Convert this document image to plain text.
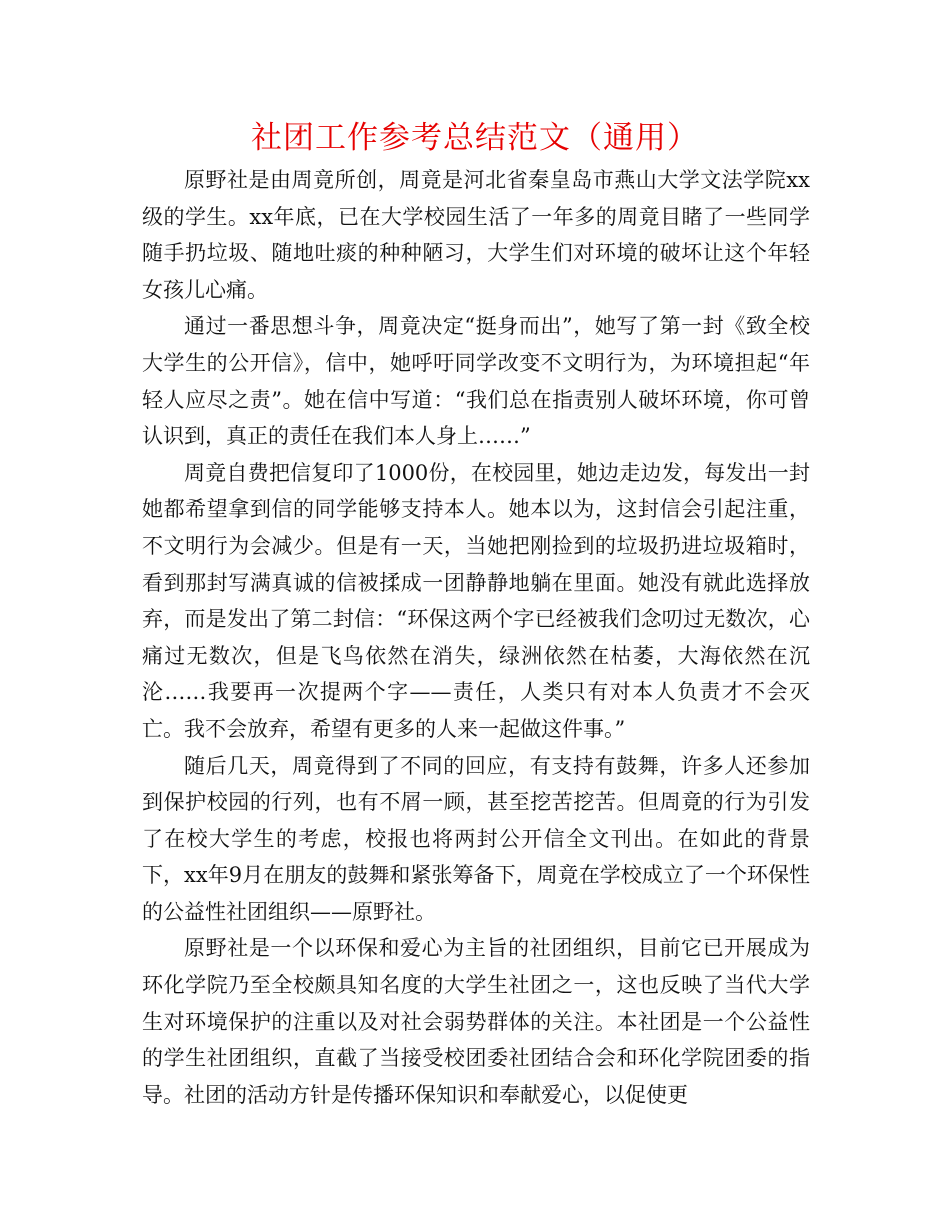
社团工作参考总结范文（通用）

原野社是由周竟所创，周竟是河北省秦皇岛市燕山大学文法学院xx级的学生。xx年底，已在大学校园生活了一年多的周竟目睹了一些同学随手扔垃圾、随地吐痰的种种陋习，大学生们对环境的破坏让这个年轻女孩儿心痛。

通过一番思想斗争，周竟决定“挺身而出”，她写了第一封《致全校大学生的公开信》，信中，她呼吁同学改变不文明行为，为环境担起“年轻人应尽之责”。她在信中写道：“我们总在指责别人破坏环境，你可曾认识到，真正的责任在我们本人身上……”

周竟自费把信复印了1000份，在校园里，她边走边发，每发出一封她都希望拿到信的同学能够支持本人。她本以为，这封信会引起注重，不文明行为会减少。但是有一天，当她把刚捡到的垃圾扔进垃圾箱时，看到那封写满真诚的信被揉成一团静静地躺在里面。她没有就此选择放弃，而是发出了第二封信：“环保这两个字已经被我们念叨过无数次，心痛过无数次，但是飞鸟依然在消失，绿洲依然在枯萎，大海依然在沉沦……我要再一次提两个字——责任，人类只有对本人负责才不会灭亡。我不会放弃，希望有更多的人来一起做这件事。”

随后几天，周竟得到了不同的回应，有支持有鼓舞，许多人还参加到保护校园的行列，也有不屑一顾，甚至挖苦挖苦。但周竟的行为引发了在校大学生的考虑，校报也将两封公开信全文刊出。在如此的背景下，xx年9月在朋友的鼓舞和紧张筹备下，周竟在学校成立了一个环保性的公益性社团组织——原野社。

原野社是一个以环保和爱心为主旨的社团组织，目前它已开展成为环化学院乃至全校颇具知名度的大学生社团之一，这也反映了当代大学生对环境保护的注重以及对社会弱势群体的关注。本社团是一个公益性的学生社团组织，直截了当接受校团委社团结合会和环化学院团委的指导。社团的活动方针是传播环保知识和奉献爱心，以促使更
